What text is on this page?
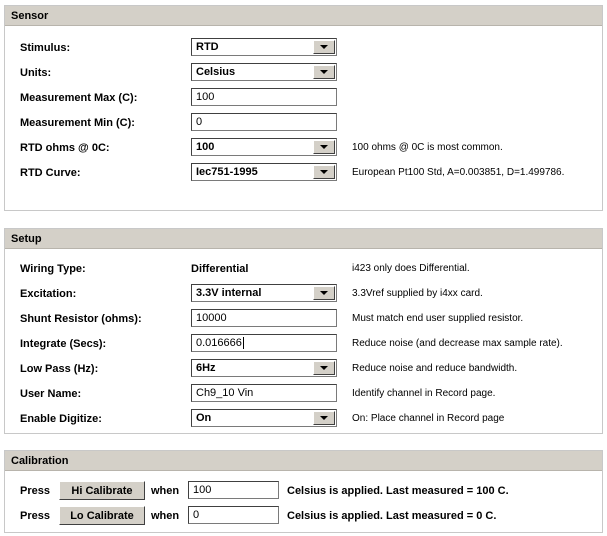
Sensor
Stimulus:	RTD
Units:	Celsius
Measurement Max (C):	100
Measurement Min (C):	0
RTD ohms @ 0C:	100	100 ohms @ 0C is most common.
RTD Curve:	Iec751-1995	European Pt100 Std, A=0.003851, D=1.499786.
Setup
Wiring Type:	Differential	i423 only does Differential.
Excitation:	3.3V internal	3.3Vref supplied by i4xx card.
Shunt Resistor (ohms):	10000	Must match end user supplied resistor.
Integrate (Secs):	0.016666	Reduce noise (and decrease max sample rate).
Low Pass (Hz):	6Hz	Reduce noise and reduce bandwidth.
User Name:	Ch9_10 Vin	Identify channel in Record page.
Enable Digitize:	On	On: Place channel in Record page
Calibration
Press	Hi Calibrate	when	100	Celsius is applied. Last measured = 100 C.
Press	Lo Calibrate	when	0	Celsius is applied. Last measured = 0 C.
